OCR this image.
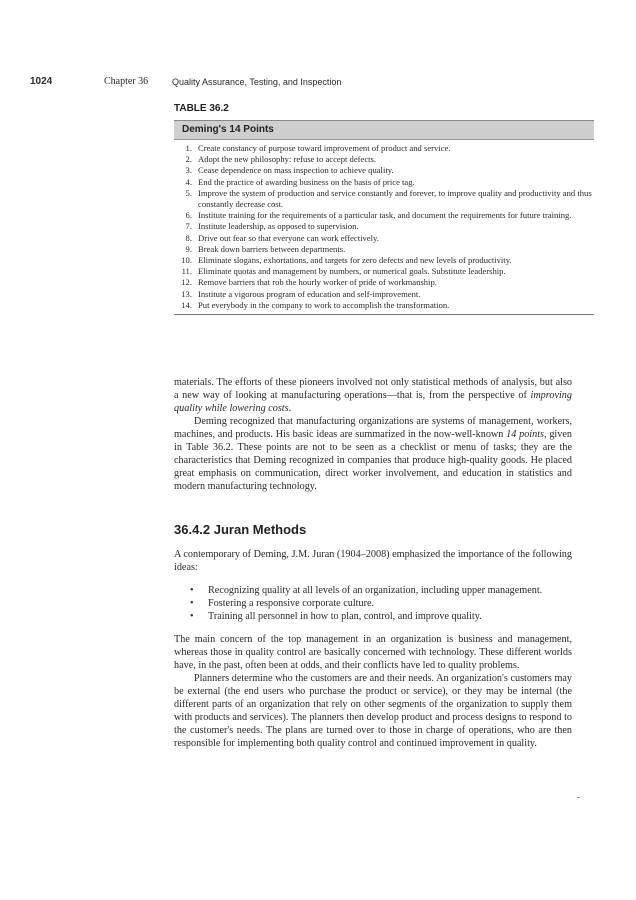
1024	Chapter 36	Quality Assurance, Testing, and Inspection
TABLE 36.2
Deming's 14 Points
1. Create constancy of purpose toward improvement of product and service.
2. Adopt the new philosophy: refuse to accept defects.
3. Cease dependence on mass inspection to achieve quality.
4. End the practice of awarding business on the basis of price tag.
5. Improve the system of production and service constantly and forever, to improve quality and productivity and thus constantly decrease cost.
6. Institute training for the requirements of a particular task, and document the requirements for future training.
7. Institute leadership, as opposed to supervision.
8. Drive out fear so that everyone can work effectively.
9. Break down barriers between departments.
10. Eliminate slogans, exhortations, and targets for zero defects and new levels of productivity.
11. Eliminate quotas and management by numbers, or numerical goals. Substitute leadership.
12. Remove barriers that rob the hourly worker of pride of workmanship.
13. Institute a vigorous program of education and self-improvement.
14. Put everybody in the company to work to accomplish the transformation.

materials. The efforts of these pioneers involved not only statistical methods of analysis, but also a new way of looking at manufacturing operations—that is, from the perspective of improving quality while lowering costs.

Deming recognized that manufacturing organizations are systems of management, workers, machines, and products. His basic ideas are summarized in the now-well-known 14 points, given in Table 36.2. These points are not to be seen as a checklist or menu of tasks; they are the characteristics that Deming recognized in companies that produce high-quality goods. He placed great emphasis on communication, direct worker involvement, and education in statistics and modern manufacturing technology.

36.4.2 Juran Methods

A contemporary of Deming, J.M. Juran (1904–2008) emphasized the importance of the following ideas:

• Recognizing quality at all levels of an organization, including upper management.
• Fostering a responsive corporate culture.
• Training all personnel in how to plan, control, and improve quality.

The main concern of the top management in an organization is business and management, whereas those in quality control are basically concerned with technology. These different worlds have, in the past, often been at odds, and their conflicts have led to quality problems.

Planners determine who the customers are and their needs. An organization's customers may be external (the end users who purchase the product or service), or they may be internal (the different parts of an organization that rely on other segments of the organization to supply them with products and services). The planners then develop product and process designs to respond to the customer's needs. The plans are turned over to those in charge of operations, who are then responsible for implementing both quality control and continued improvement in quality.
